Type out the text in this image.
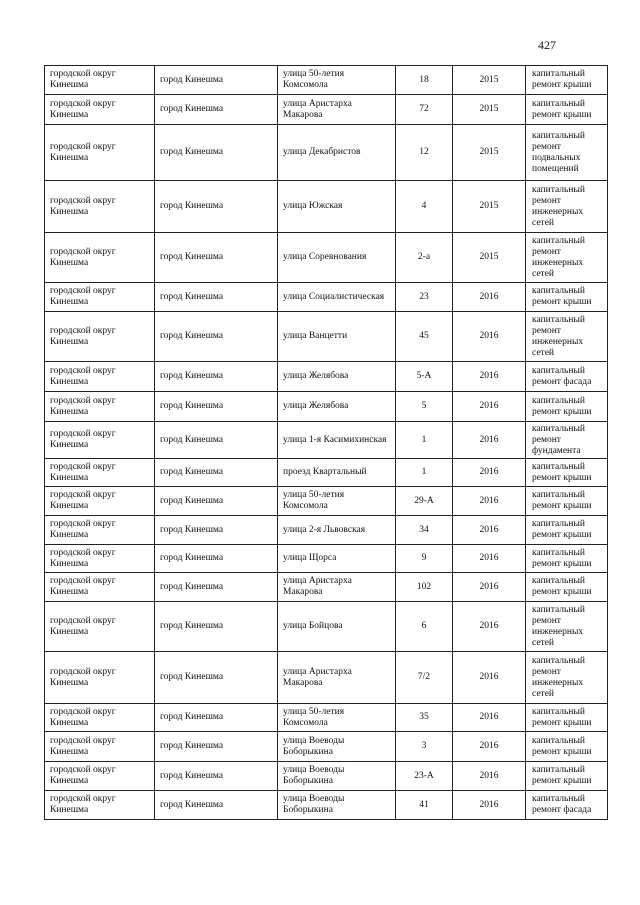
427
городской округ Кинешма	город Кинешма	улица 50-летия Комсомола	18	2015	капитальный ремонт крыши
городской округ Кинешма	город Кинешма	улица Аристарха Макарова	72	2015	капитальный ремонт крыши
городской округ Кинешма	город Кинешма	улица Декабристов	12	2015	капитальный ремонт подвальных помещений
городской округ Кинешма	город Кинешма	улица Южская	4	2015	капитальный ремонт инженерных сетей
городской округ Кинешма	город Кинешма	улица Соревнования	2-а	2015	капитальный ремонт инженерных сетей
городской округ Кинешма	город Кинешма	улица Социалистическая	23	2016	капитальный ремонт крыши
городской округ Кинешма	город Кинешма	улица Ванцетти	45	2016	капитальный ремонт инженерных сетей
городской округ Кинешма	город Кинешма	улица Желябова	5-А	2016	капитальный ремонт фасада
городской округ Кинешма	город Кинешма	улица Желябова	5	2016	капитальный ремонт крыши
городской округ Кинешма	город Кинешма	улица 1-я Касимихинская	1	2016	капитальный ремонт фундамента
городской округ Кинешма	город Кинешма	проезд Квартальный	1	2016	капитальный ремонт крыши
городской округ Кинешма	город Кинешма	улица 50-летия Комсомола	29-А	2016	капитальный ремонт крыши
городской округ Кинешма	город Кинешма	улица 2-я Львовская	34	2016	капитальный ремонт крыши
городской округ Кинешма	город Кинешма	улица Щорса	9	2016	капитальный ремонт крыши
городской округ Кинешма	город Кинешма	улица Аристарха Макарова	102	2016	капитальный ремонт крыши
городской округ Кинешма	город Кинешма	улица Бойцова	6	2016	капитальный ремонт инженерных сетей
городской округ Кинешма	город Кинешма	улица Аристарха Макарова	7/2	2016	капитальный ремонт инженерных сетей
городской округ Кинешма	город Кинешма	улица 50-летия Комсомола	35	2016	капитальный ремонт крыши
городской округ Кинешма	город Кинешма	улица Воеводы Боборыкина	3	2016	капитальный ремонт крыши
городской округ Кинешма	город Кинешма	улица Воеводы Боборыкина	23-А	2016	капитальный ремонт крыши
городской округ Кинешма	город Кинешма	улица Воеводы Боборыкина	41	2016	капитальный ремонт фасада
